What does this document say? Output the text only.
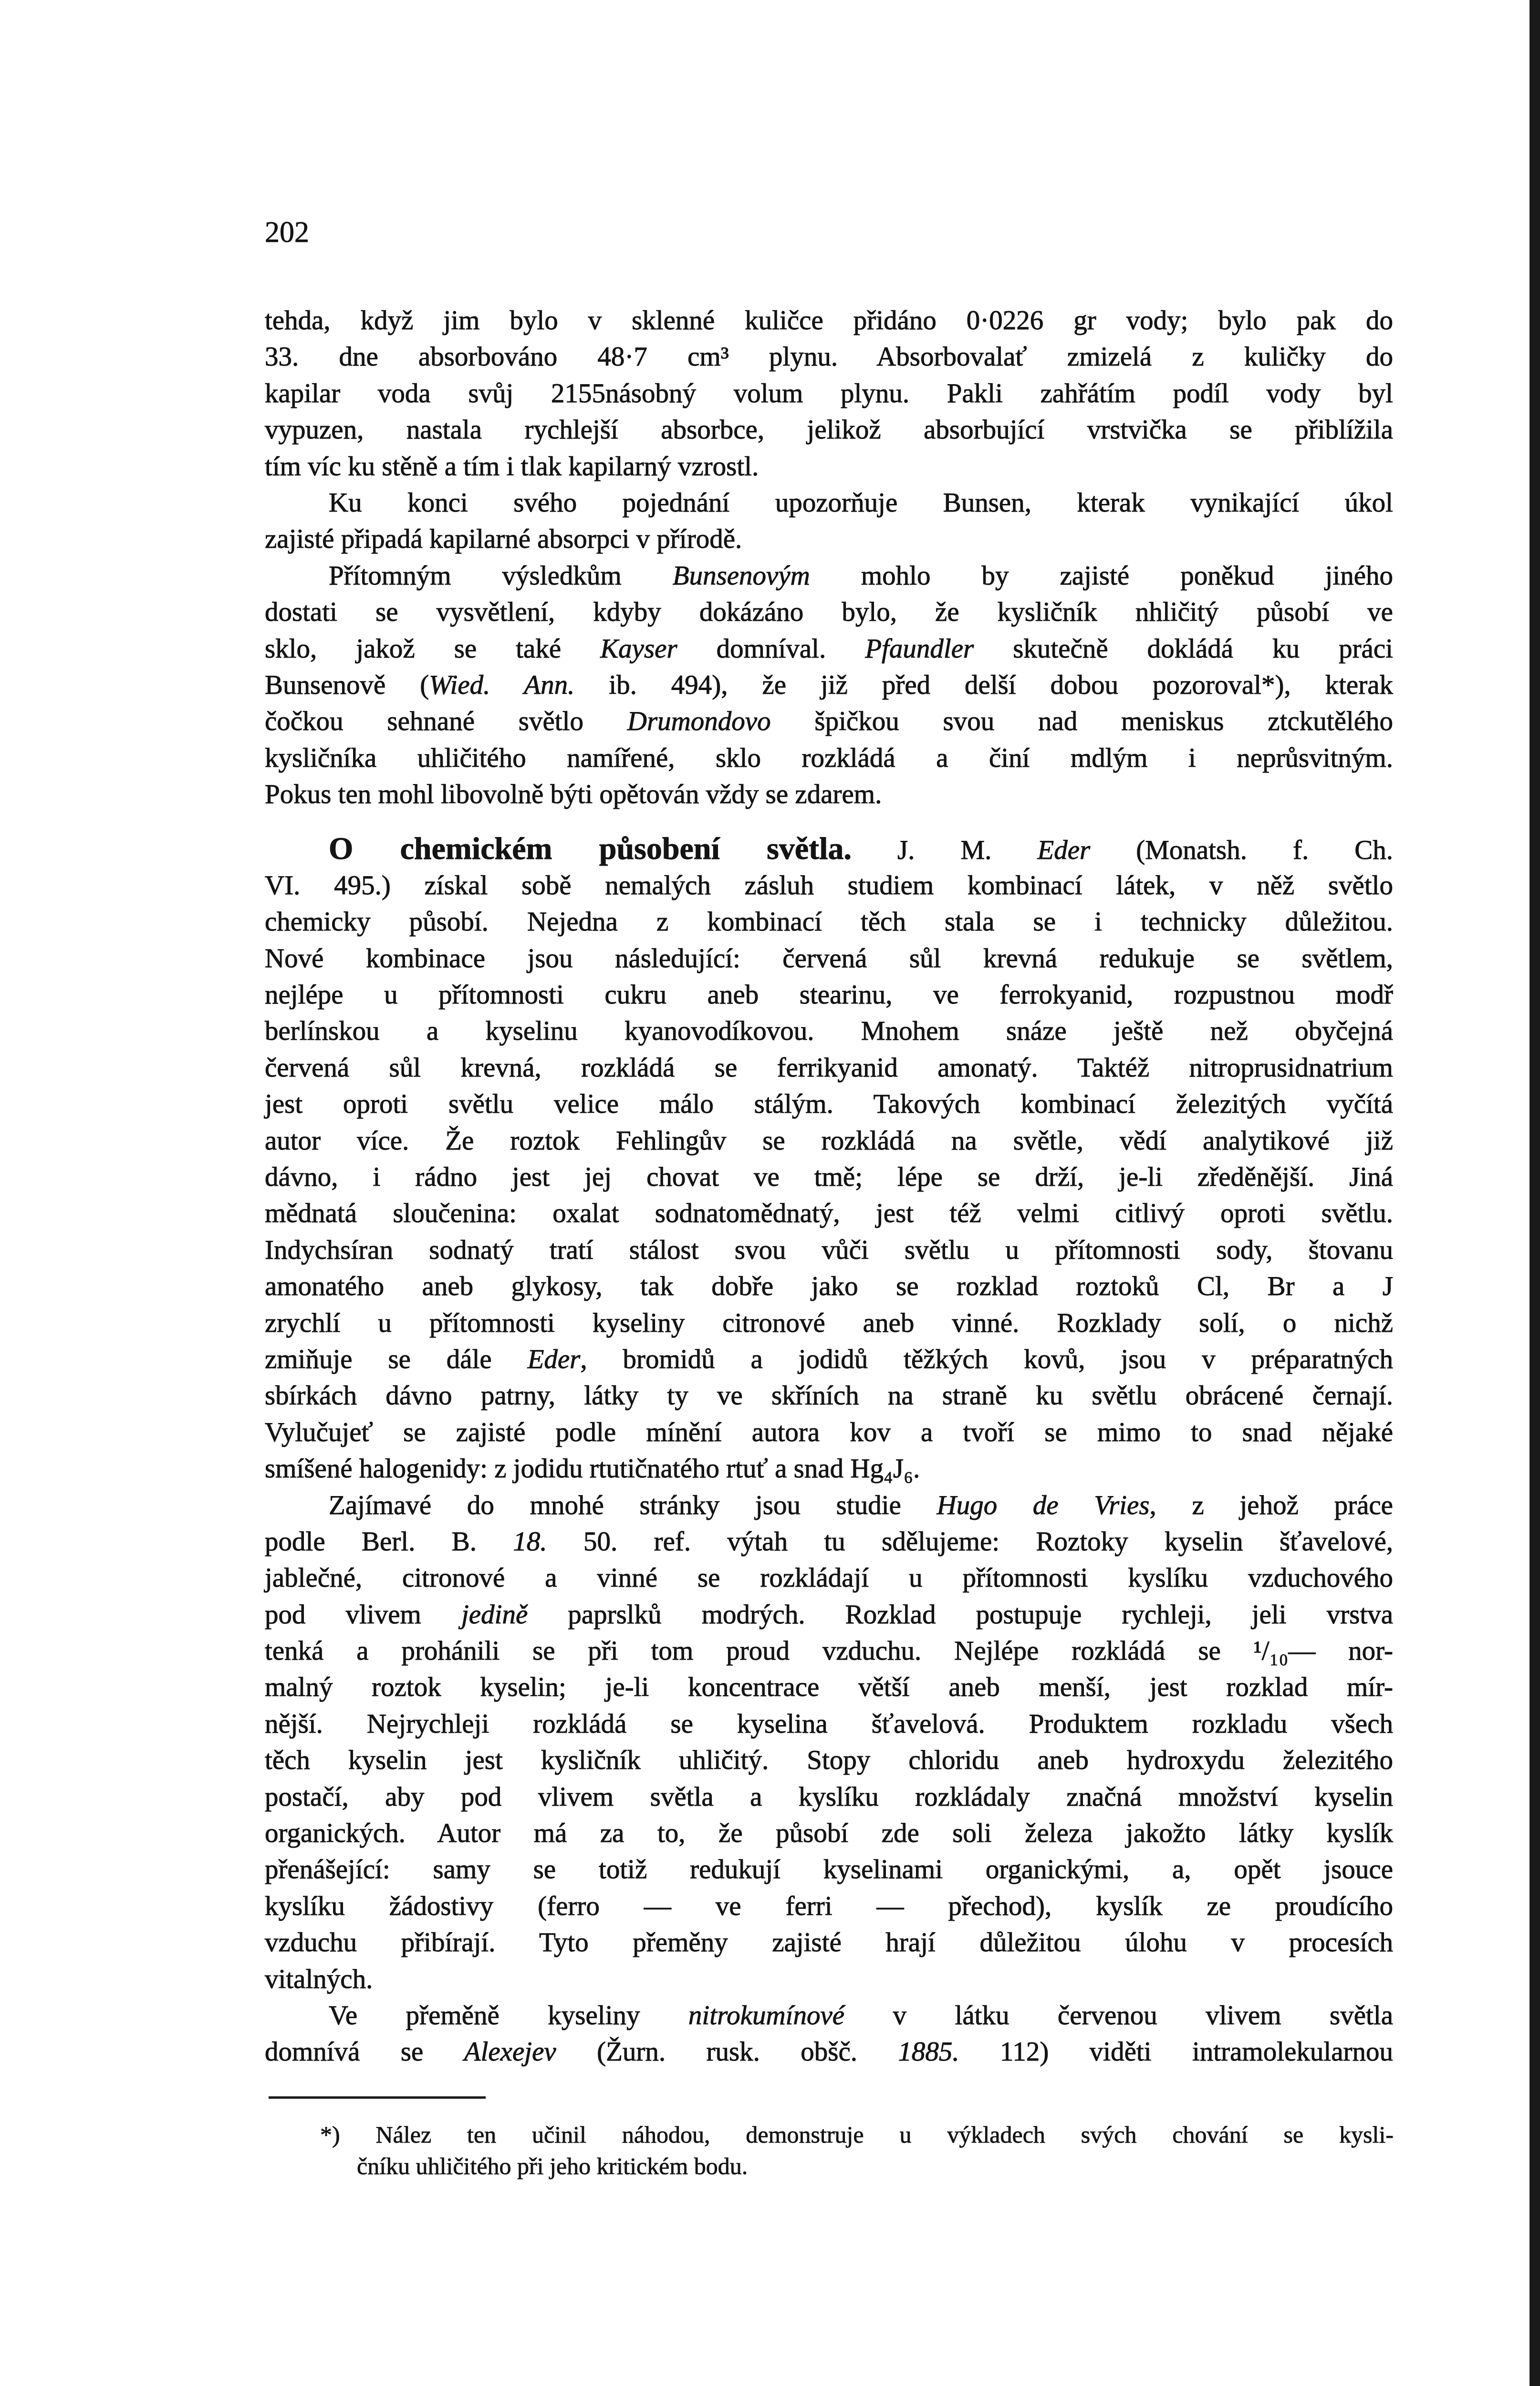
202
tehda, když jim bylo v sklenné kuličce přidáno 0·0226 gr vody; bylo pak do
33. dne absorbováno 48·7 cm³ plynu. Absorbovalať zmizelá z kuličky do
kapilar voda svůj 2155násobný volum plynu. Pakli zahřátím podíl vody byl
vypuzen, nastala rychlejší absorbce, jelikož absorbující vrstvička se přiblížila
tím víc ku stěně a tím i tlak kapilarný vzrostl.
Ku konci svého pojednání upozorňuje Bunsen, kterak vynikající úkol
zajisté připadá kapilarné absorpci v přírodě.
Přítomným výsledkům Bunsenovým mohlo by zajisté poněkud jiného
dostati se vysvětlení, kdyby dokázáno bylo, že kysličník nhličitý působí ve
sklo, jakož se také Kayser domníval. Pfaundler skutečně dokládá ku práci
Bunsenově (Wied. Ann. ib. 494), že již před delší dobou pozoroval*), kterak
čočkou sehnané světlo Drumondovo špičkou svou nad meniskus ztckutělého
kysličníka uhličitého namířené, sklo rozkládá a činí mdlým i neprůsvitným.
Pokus ten mohl libovolně býti opětován vždy se zdarem.
O chemickém působení světla. J. M. Eder (Monatsh. f. Ch.
VI. 495.) získal sobě nemalých zásluh studiem kombinací látek, v něž světlo
chemicky působí. Nejedna z kombinací těch stala se i technicky důležitou.
Nové kombinace jsou následující: červená sůl krevná redukuje se světlem,
nejlépe u přítomnosti cukru aneb stearinu, ve ferrokyanid, rozpustnou modř
berlínskou a kyselinu kyanovodíkovou. Mnohem snáze ještě než obyčejná
červená sůl krevná, rozkládá se ferrikyanid amonatý. Taktéž nitroprusidnatrium
jest oproti světlu velice málo stálým. Takových kombinací železitých vyčítá
autor více. Že roztok Fehlingův se rozkládá na světle, vědí analytikové již
dávno, i rádno jest jej chovat ve tmě; lépe se drží, je-li zředěnější. Jiná
mědnatá sloučenina: oxalat sodnatomědnatý, jest též velmi citlivý oproti světlu.
Indychsíran sodnatý tratí stálost svou vůči světlu u přítomnosti sody, štovanu
amonatého aneb glykosy, tak dobře jako se rozklad roztoků Cl, Br a J
zrychlí u přítomnosti kyseliny citronové aneb vinné. Rozklady solí, o nichž
zmiňuje se dále Eder, bromidů a jodidů těžkých kovů, jsou v préparatných
sbírkách dávno patrny, látky ty ve skříních na straně ku světlu obrácené černají.
Vylučujeť se zajisté podle mínění autora kov a tvoří se mimo to snad nějaké
smíšené halogenidy: z jodidu rtutičnatého rtuť a snad Hg₄J₆.
Zajímavé do mnohé stránky jsou studie Hugo de Vries, z jehož práce
podle Berl. B. 18. 50. ref. výtah tu sdělujeme: Roztoky kyselin šťavelové,
jablečné, citronové a vinné se rozkládají u přítomnosti kyslíku vzduchového
pod vlivem jedině paprslků modrých. Rozklad postupuje rychleji, jeli vrstva
tenká a prohánili se při tom proud vzduchu. Nejlépe rozkládá se ¹/₁₀— nor-
malný roztok kyselin; je-li koncentrace větší aneb menší, jest rozklad mír-
nější. Nejrychleji rozkládá se kyselina šťavelová. Produktem rozkladu všech
těch kyselin jest kysličník uhličitý. Stopy chloridu aneb hydroxydu železitého
postačí, aby pod vlivem světla a kyslíku rozkládaly značná množství kyselin
organických. Autor má za to, že působí zde soli železa jakožto látky kyslík
přenášející: samy se totiž redukují kyselinami organickými, a, opět jsouce
kyslíku žádostivy (ferro — ve ferri — přechod), kyslík ze proudícího
vzduchu přibírají. Tyto přeměny zajisté hrají důležitou úlohu v procesích
vitalných.
Ve přeměně kyseliny nitrokumínové v látku červenou vlivem světla
domnívá se Alexejev (Žurn. rusk. obšč. 1885. 112) viděti intramolekularnou
*) Nález ten učinil náhodou, demonstruje u výkladech svých chování se kysli-
čníku uhličitého při jeho kritickém bodu.
